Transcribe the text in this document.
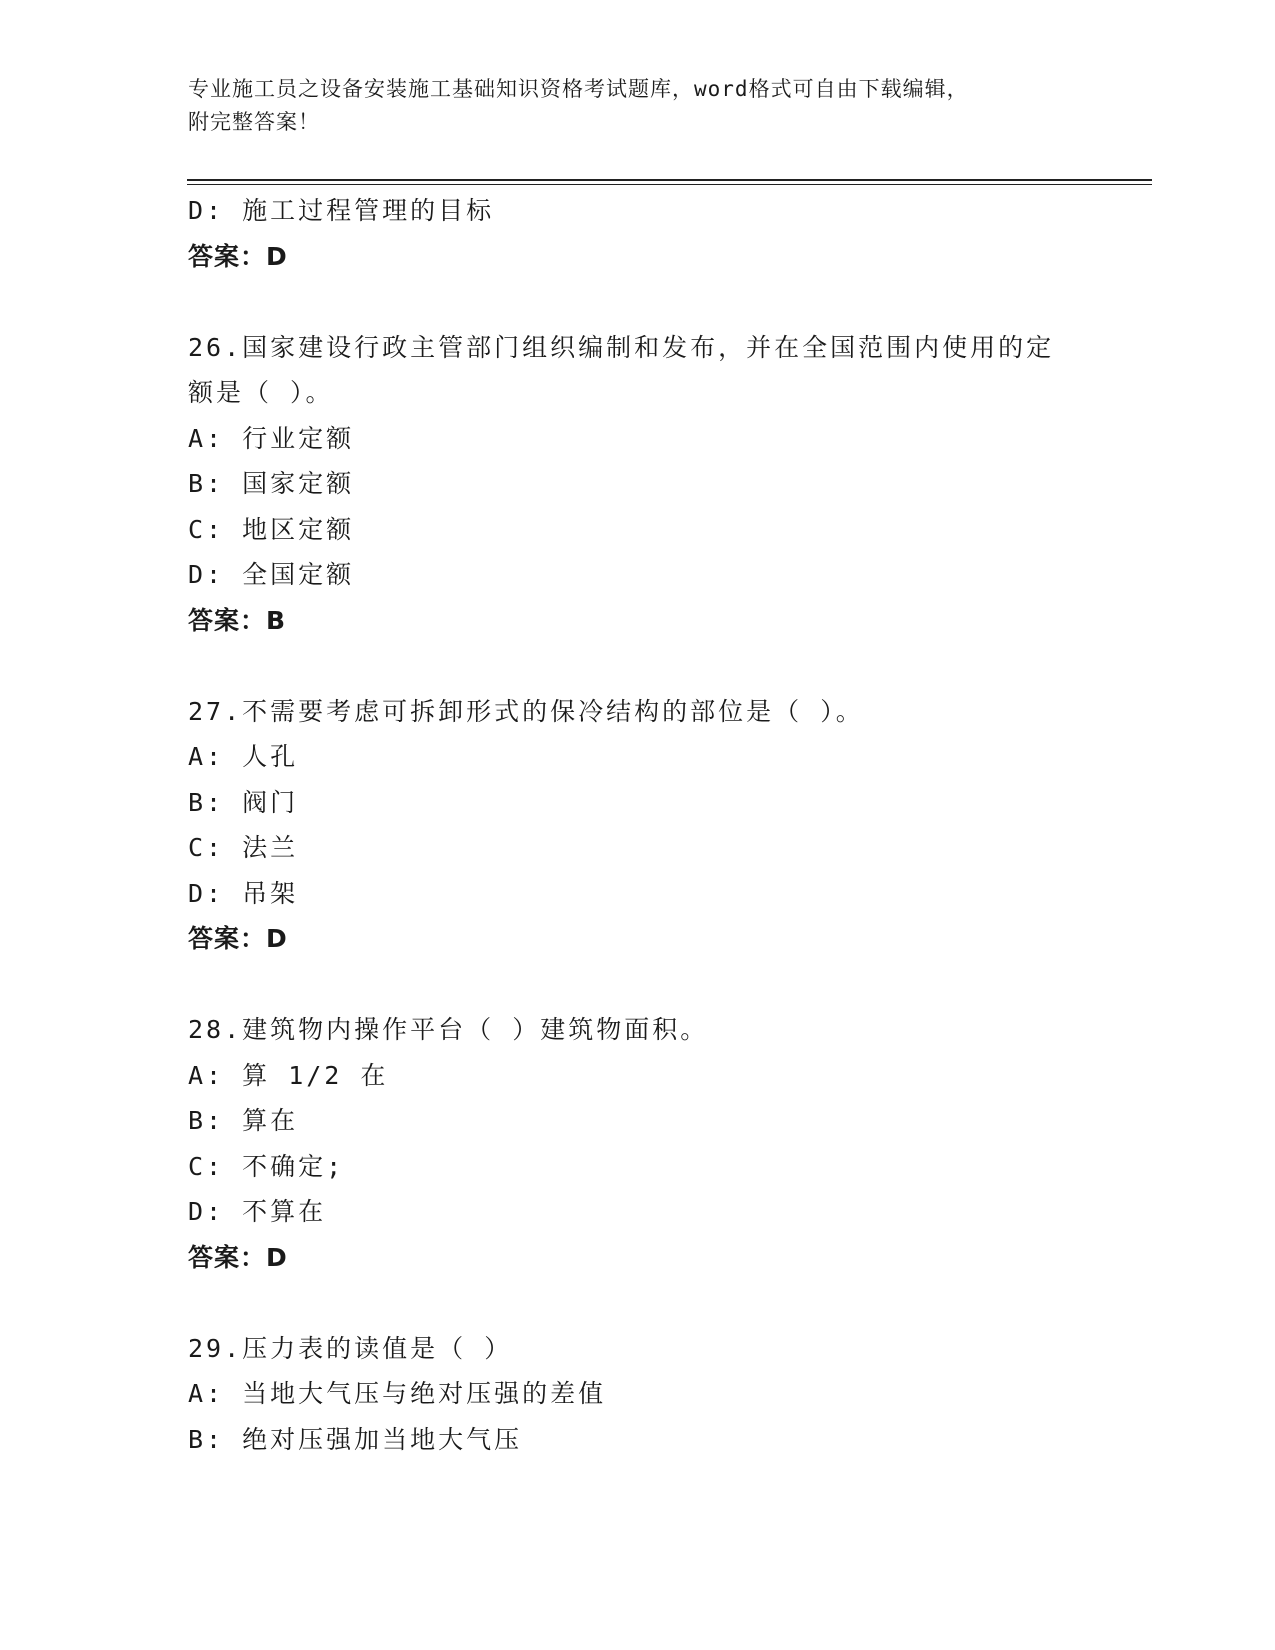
专业施工员之设备安装施工基础知识资格考试题库，word格式可自由下载编辑，
附完整答案！
D: 施工过程管理的目标
答案：D
26.国家建设行政主管部门组织编制和发布，并在全国范围内使用的定
额是（ ）。
A: 行业定额
B: 国家定额
C: 地区定额
D: 全国定额
答案：B
27.不需要考虑可拆卸形式的保冷结构的部位是（ ）。
A: 人孔
B: 阀门
C: 法兰
D: 吊架
答案：D
28.建筑物内操作平台（ ）建筑物面积。
A: 算 1/2 在
B: 算在
C: 不确定;
D: 不算在
答案：D
29.压力表的读值是（ ）
A: 当地大气压与绝对压强的差值
B: 绝对压强加当地大气压
